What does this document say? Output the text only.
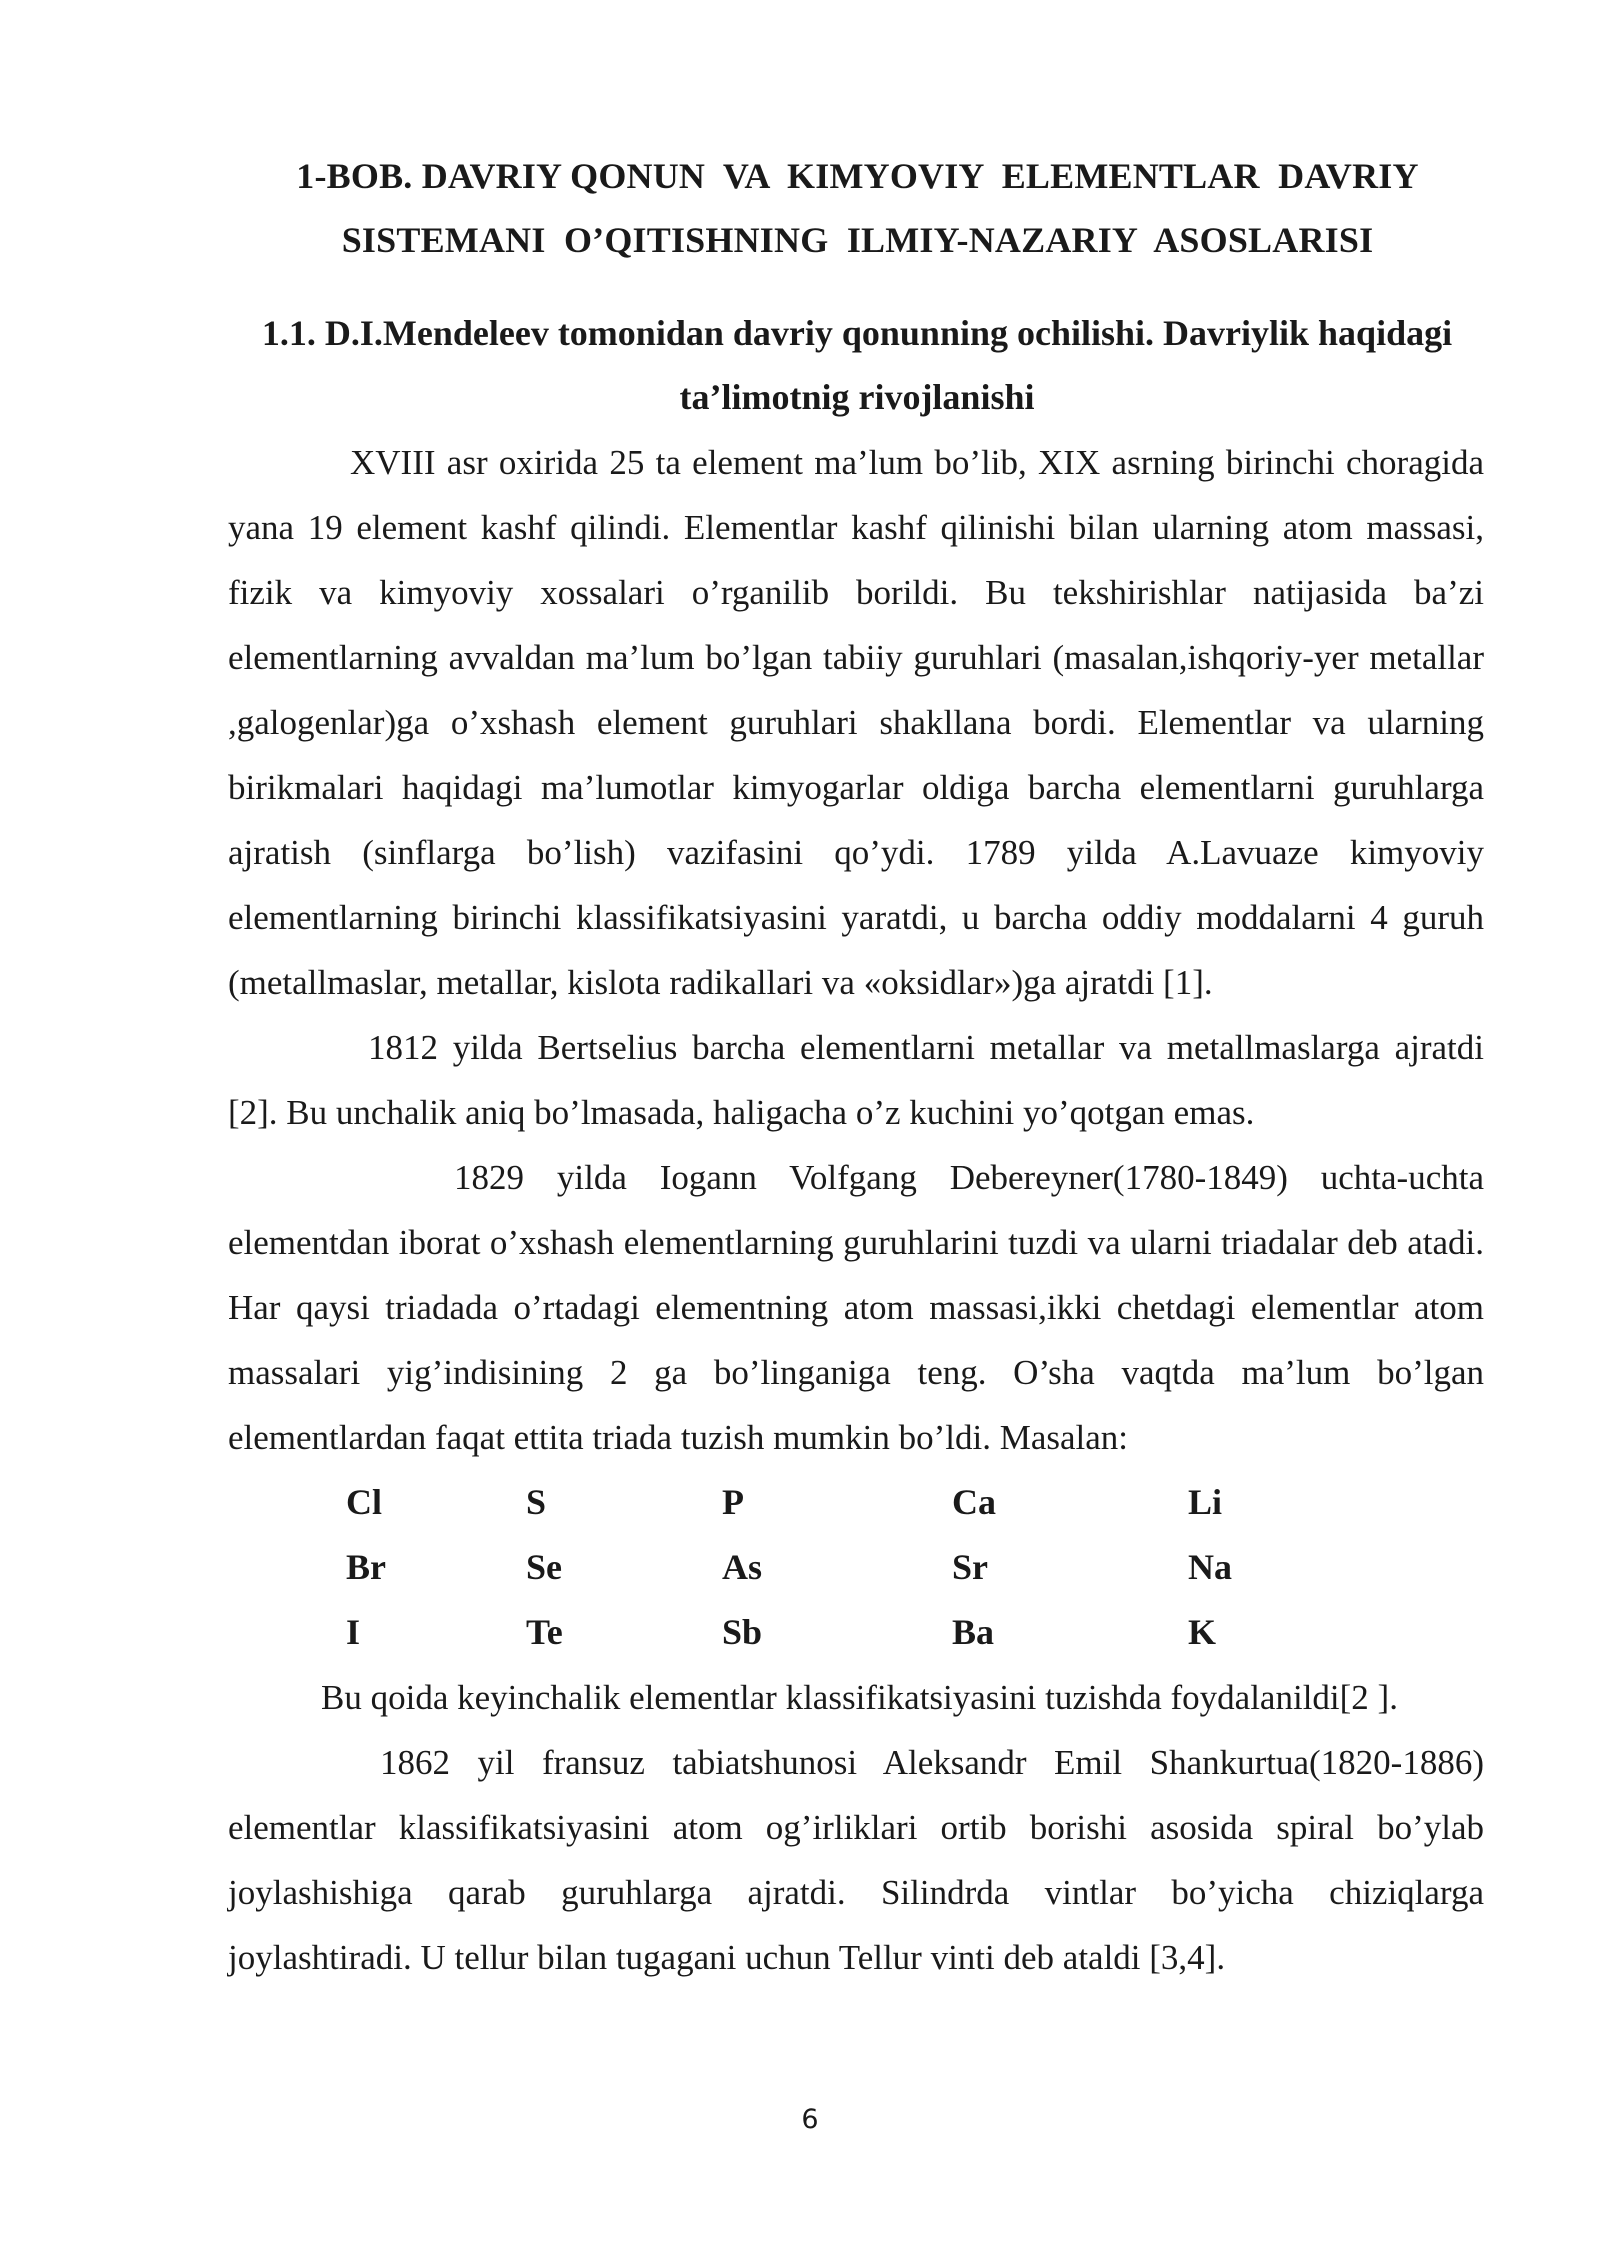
1-BOB. DAVRIY QONUN  VA  KIMYOVIY  ELEMENTLAR  DAVRIY
SISTEMANI  O’QITISHNING  ILMIY-NAZARIY  ASOSLARISI
1.1. D.I.Mendeleev tomonidan davriy qonunning ochilishi. Davriylik haqidagi
ta’limotnig rivojlanishi

XVIII asr oxirida 25 ta element ma’lum bo’lib, XIX asrning birinchi choragida yana 19 element kashf qilindi. Elementlar kashf qilinishi bilan ularning atom massasi, fizik va kimyoviy xossalari o’rganilib borildi. Bu tekshirishlar natijasida ba’zi elementlarning avvaldan ma’lum bo’lgan tabiiy guruhlari (masalan,ishqoriy-yer metallar ,galogenlar)ga o’xshash element guruhlari shakllana bordi. Elementlar va ularning birikmalari haqidagi ma’lumotlar kimyogarlar oldiga barcha elementlarni guruhlarga ajratish (sinflarga bo’lish) vazifasini qo’ydi. 1789 yilda A.Lavuaze kimyoviy elementlarning birinchi klassifikatsiyasini yaratdi, u barcha oddiy moddalarni 4 guruh (metallmaslar, metallar, kislota radikallari va «oksidlar»)ga ajratdi [1].

1812 yilda Bertselius barcha elementlarni metallar va metallmaslarga ajratdi [2]. Bu unchalik aniq bo’lmasada, haligacha o’z kuchini yo’qotgan emas.

1829 yilda Iogann Volfgang Debereyner(1780-1849) uchta-uchta elementdan iborat o’xshash elementlarning guruhlarini tuzdi va ularni triadalar deb atadi. Har qaysi triadada o’rtadagi elementning atom massasi,ikki chetdagi elementlar atom massalari yig’indisining 2 ga bo’linganiga teng. O’sha vaqtda ma’lum bo’lgan elementlardan faqat ettita triada tuzish mumkin bo’ldi. Masalan:

Cl	S	P	Ca	Li
Br	Se	As	Sr	Na
I	Te	Sb	Ba	K

Bu qoida keyinchalik elementlar klassifikatsiyasini tuzishda foydalanildi[2 ].

1862 yil fransuz tabiatshunosi Aleksandr Emil Shankurtua(1820-1886) elementlar klassifikatsiyasini atom og’irliklari ortib borishi asosida spiral bo’ylab joylashishiga qarab guruhlarga ajratdi. Silindrda vintlar bo’yicha chiziqlarga joylashtiradi. U tellur bilan tugagani uchun Tellur vinti deb ataldi [3,4].

6
